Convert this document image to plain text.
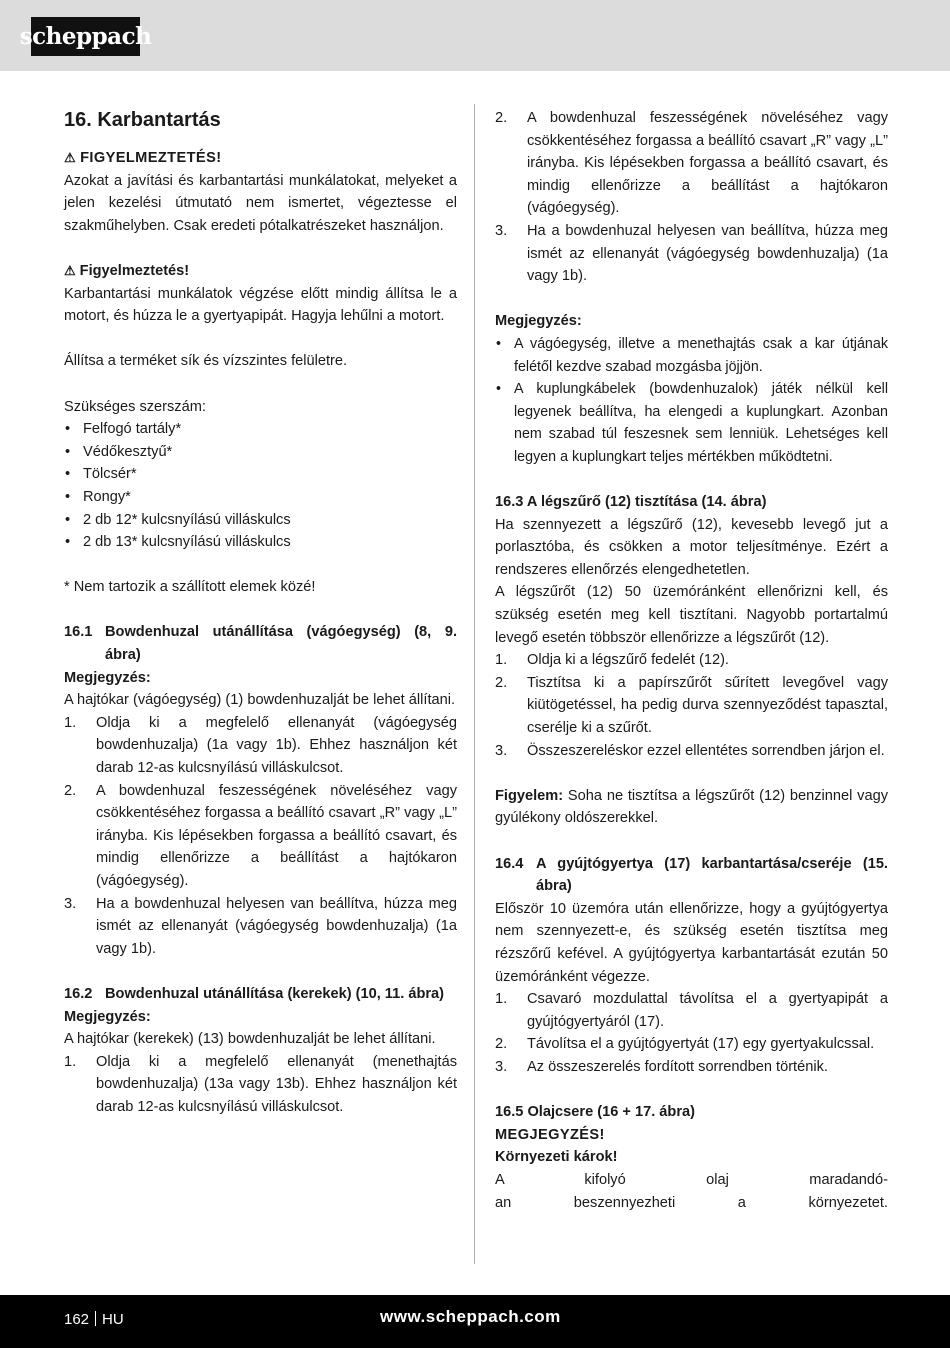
scheppach
16. Karbantartás
⚠ FIGYELMEZTETÉS!
Azokat a javítási és karbantartási munkálatokat, melyeket a jelen kezelési útmutató nem ismertet, végeztesse el szakműhelyben. Csak eredeti pótalkatrészeket használjon.
⚠ Figyelmeztetés!
Karbantartási munkálatok végzése előtt mindig állítsa le a motort, és húzza le a gyertyapipát. Hagyja lehűlni a motort.
Állítsa a terméket sík és vízszintes felületre.
Szükséges szerszám:
• Felfogó tartály*
• Védőkesztyű*
• Tölcsér*
• Rongy*
• 2 db 12* kulcsnyílású villáskulcs
• 2 db 13* kulcsnyílású villáskulcs
* Nem tartozik a szállított elemek közé!
16.1 Bowdenhuzal utánállítása (vágóegység) (8, 9. ábra)
Megjegyzés:
A hajtókar (vágóegység) (1) bowdenhuzalját be lehet állítani.
1.	Oldja ki a megfelelő ellenanyát (vágóegység bowdenhuzalja) (1a vagy 1b). Ehhez használjon két darab 12-as kulcsnyílású villáskulcsot.
2.	A bowdenhuzal feszességének növeléséhez vagy csökkentéséhez forgassa a beállító csavart „R” vagy „L” irányba. Kis lépésekben forgassa a beállító csavart, és mindig ellenőrizze a beállítást a hajtókaron (vágóegység).
3.	Ha a bowdenhuzal helyesen van beállítva, húzza meg ismét az ellenanyát (vágóegység bowdenhuzalja) (1a vagy 1b).
16.2 Bowdenhuzal utánállítása (kerekek) (10, 11. ábra)
Megjegyzés:
A hajtókar (kerekek) (13) bowdenhuzalját be lehet állítani.
1.	Oldja ki a megfelelő ellenanyát (menethajtás bowdenhuzalja) (13a vagy 13b). Ehhez használjon két darab 12-as kulcsnyílású villáskulcsot.
2.	A bowdenhuzal feszességének növeléséhez vagy csökkentéséhez forgassa a beállító csavart „R” vagy „L” irányba. Kis lépésekben forgassa a beállító csavart, és mindig ellenőrizze a beállítást a hajtókaron (vágóegység).
3.	Ha a bowdenhuzal helyesen van beállítva, húzza meg ismét az ellenanyát (vágóegység bowdenhuzalja) (1a vagy 1b).
Megjegyzés:
• A vágóegység, illetve a menethajtás csak a kar útjának felétől kezdve szabad mozgásba jöjjön.
• A kuplungkábelek (bowdenhuzalok) játék nélkül kell legyenek beállítva, ha elengedi a kuplungkart. Azonban nem szabad túl feszesnek sem lenniük. Lehetséges kell legyen a kuplungkart teljes mértékben működtetni.
16.3 A légszűrő (12) tisztítása (14. ábra)
Ha szennyezett a légszűrő (12), kevesebb levegő jut a porlasztóba, és csökken a motor teljesítménye. Ezért a rendszeres ellenőrzés elengedhetetlen.
A légszűrőt (12) 50 üzemóránként ellenőrizni kell, és szükség esetén meg kell tisztítani. Nagyobb portartalmú levegő esetén többször ellenőrizze a légszűrőt (12).
1.	Oldja ki a légszűrő fedelét (12).
2.	Tisztítsa ki a papírszűrőt sűrített levegővel vagy kiütögetéssel, ha pedig durva szennyeződést tapasztal, cserélje ki a szűrőt.
3.	Összeszereléskor ezzel ellentétes sorrendben járjon el.
Figyelem: Soha ne tisztítsa a légszűrőt (12) benzinnel vagy gyúlékony oldószerekkel.
16.4 A gyújtógyertya (17) karbantartása/cseréje (15. ábra)
Először 10 üzemóra után ellenőrizze, hogy a gyújtógyertya nem szennyezett-e, és szükség esetén tisztítsa meg rézszőrű kefével. A gyújtógyertya karbantartását ezután 50 üzemóránként végezze.
1.	Csavaró mozdulattal távolítsa el a gyertyapipát a gyújtógyertyáról (17).
2.	Távolítsa el a gyújtógyertyát (17) egy gyertyakulcssal.
3.	Az összeszerelés fordított sorrendben történik.
16.5 Olajcsere (16 + 17. ábra)
MEGJEGYZÉS!
Környezeti károk!
A kifolyó olaj maradandó-
an beszennyezheti a környezetet.
162 HU	www.scheppach.com
